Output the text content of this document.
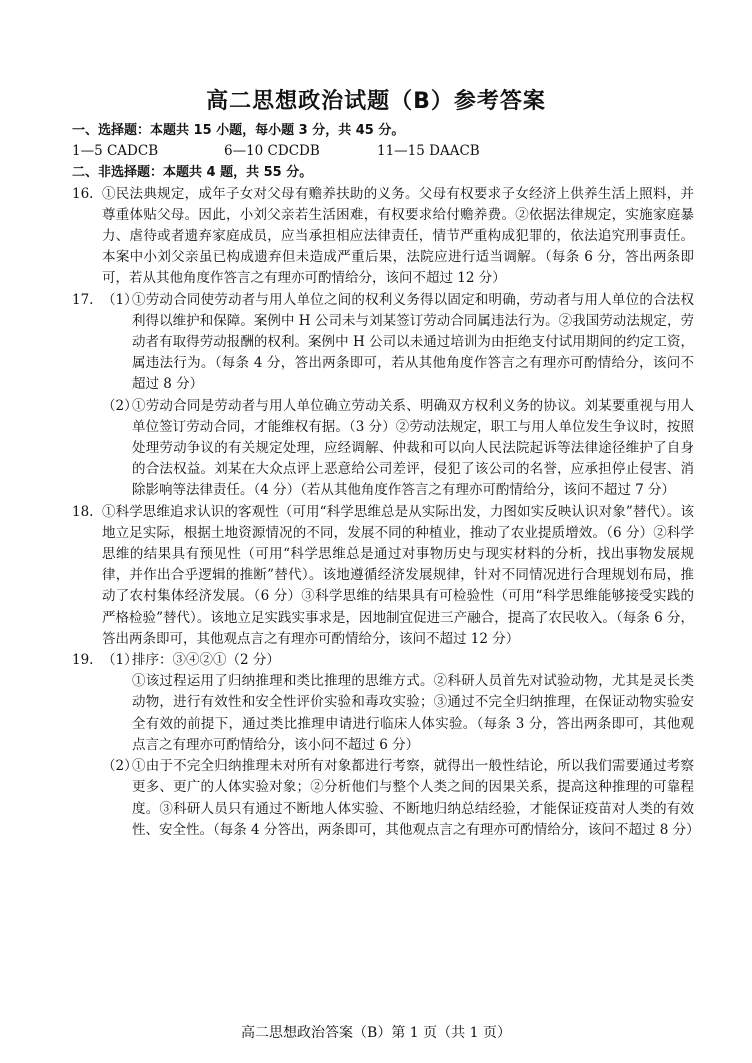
高二思想政治试题（B）参考答案
一、选择题：本题共 15 小题，每小题 3 分，共 45 分。
1—5 CADCB	6—10 CDCDB	11—15 DAACB
二、非选择题：本题共 4 题，共 55 分。
16. ①民法典规定，成年子女对父母有赡养扶助的义务。父母有权要求子女经济上供养生活上照料，并尊重体贴父母。因此，小刘父亲若生活困难，有权要求给付赡养费。②依据法律规定，实施家庭暴力、虐待或者遗弃家庭成员，应当承担相应法律责任，情节严重构成犯罪的，依法追究刑事责任。本案中小刘父亲虽已构成遗弃但未造成严重后果，法院应进行适当调解。（每条 6 分，答出两条即可，若从其他角度作答言之有理亦可酌情给分，该问不超过 12 分）
17. （1）
①劳动合同使劳动者与用人单位之间的权利义务得以固定和明确，劳动者与用人单位的合法权利得以维护和保障。案例中 H 公司未与刘某签订劳动合同属违法行为。②我国劳动法规定，劳动者有取得劳动报酬的权利。案例中 H 公司以未通过培训为由拒绝支付试用期间的约定工资，属违法行为。（每条 4 分，答出两条即可，若从其他角度作答言之有理亦可酌情给分，该问不超过 8 分）
（2）
①劳动合同是劳动者与用人单位确立劳动关系、明确双方权利义务的协议。刘某要重视与用人单位签订劳动合同，才能维权有据。（3 分）②劳动法规定，职工与用人单位发生争议时，按照处理劳动争议的有关规定处理，应经调解、仲裁和可以向人民法院起诉等法律途径维护了自身的合法权益。刘某在大众点评上恶意给公司差评，侵犯了该公司的名誉，应承担停止侵害、消除影响等法律责任。（4 分）（若从其他角度作答言之有理亦可酌情给分，该问不超过 7 分）
18. ①科学思维追求认识的客观性（可用“科学思维总是从实际出发，力图如实反映认识对象”替代）。该地立足实际，根据土地资源情况的不同，发展不同的种植业，推动了农业提质增效。（6 分）②科学思维的结果具有预见性（可用“科学思维总是通过对事物历史与现实材料的分析，找出事物发展规律，并作出合乎逻辑的推断”替代）。该地遵循经济发展规律，针对不同情况进行合理规划布局，推动了农村集体经济发展。（6 分）③科学思维的结果具有可检验性（可用“科学思维能够接受实践的严格检验”替代）。该地立足实践实事求是，因地制宜促进三产融合，提高了农民收入。（每条 6 分，答出两条即可，其他观点言之有理亦可酌情给分，该问不超过 12 分）
19. （1）
排序：③④②①（2 分）
①该过程运用了归纳推理和类比推理的思维方式。②科研人员首先对试验动物，尤其是灵长类动物，进行有效性和安全性评价实验和毒攻实验；③通过不完全归纳推理，在保证动物实验安全有效的前提下，通过类比推理申请进行临床人体实验。（每条 3 分，答出两条即可，其他观点言之有理亦可酌情给分，该小问不超过 6 分）
（2）
①由于不完全归纳推理未对所有对象都进行考察，就得出一般性结论，所以我们需要通过考察更多、更广的人体实验对象；②分析他们与整个人类之间的因果关系，提高这种推理的可靠程度。③科研人员只有通过不断地人体实验、不断地归纳总结经验，才能保证疫苗对人类的有效性、安全性。（每条 4 分答出，两条即可，其他观点言之有理亦可酌情给分，该问不超过 8 分）
高二思想政治答案（B）第 1 页（共 1 页）
